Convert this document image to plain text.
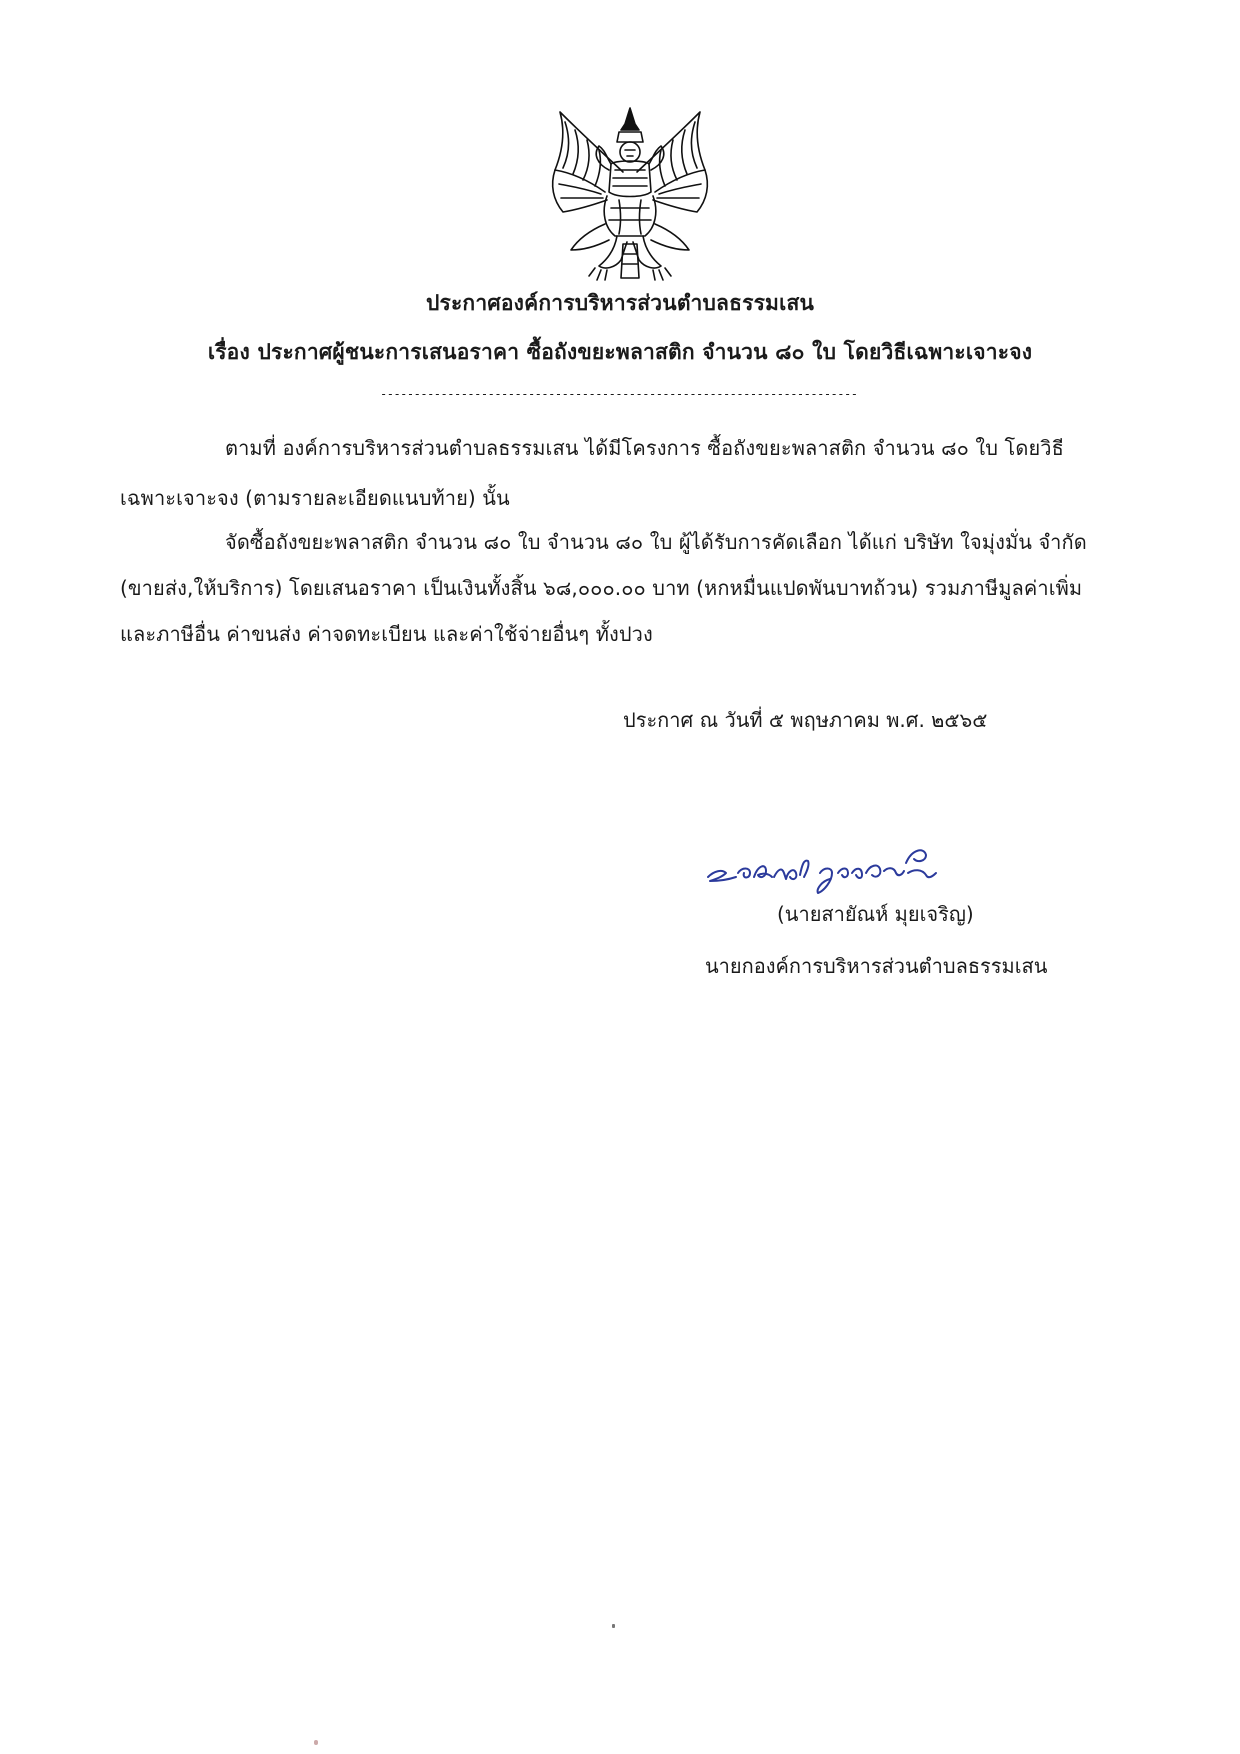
ประกาศองค์การบริหารส่วนตำบลธรรมเสน
เรื่อง ประกาศผู้ชนะการเสนอราคา ซื้อถังขยะพลาสติก จำนวน ๘๐ ใบ โดยวิธีเฉพาะเจาะจง
-----------------------------------------------------------------------
ตามที่ องค์การบริหารส่วนตำบลธรรมเสน ได้มีโครงการ ซื้อถังขยะพลาสติก จำนวน ๘๐ ใบ โดยวิธี
เฉพาะเจาะจง (ตามรายละเอียดแนบท้าย) นั้น
จัดซื้อถังขยะพลาสติก จำนวน ๘๐ ใบ จำนวน ๘๐ ใบ ผู้ได้รับการคัดเลือก ได้แก่ บริษัท ใจมุ่งมั่น จำกัด
(ขายส่ง,ให้บริการ) โดยเสนอราคา เป็นเงินทั้งสิ้น ๖๘,๐๐๐.๐๐ บาท (หกหมื่นแปดพันบาทถ้วน) รวมภาษีมูลค่าเพิ่ม
และภาษีอื่น ค่าขนส่ง ค่าจดทะเบียน และค่าใช้จ่ายอื่นๆ ทั้งปวง
ประกาศ ณ วันที่ ๕ พฤษภาคม พ.ศ. ๒๕๖๕
(นายสายัณห์ มุยเจริญ)
นายกองค์การบริหารส่วนตำบลธรรมเสน
